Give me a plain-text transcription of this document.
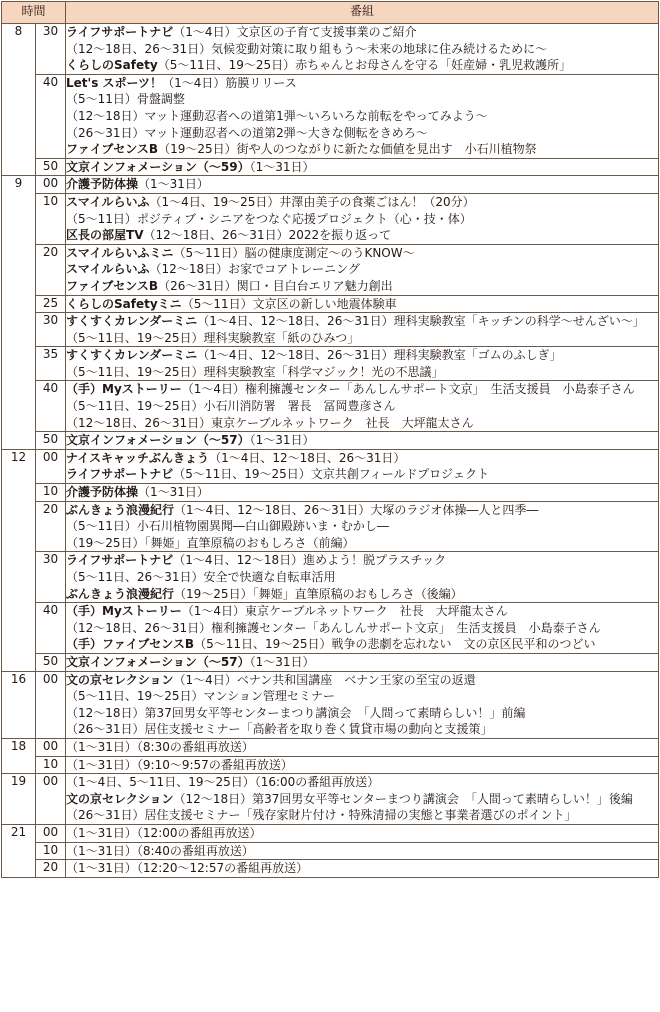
時間		番組
8	30	ライフサポートナビ（1～4日）文京区の子育て支援事業のご紹介
（12～18日、26～31日）気候変動対策に取り組もう～未来の地球に住み続けるために～
くらしのSafety（5～11日、19～25日）赤ちゃんとお母さんを守る「妊産婦・乳児救護所」

	40	Let's スポーツ！（1～4日）筋膜リリース
（5～11日）骨盤調整
（12～18日）マット運動忍者への道第1弾～いろいろな前転をやってみよう～
（26～31日）マット運動忍者への道第2弾～大きな側転をきめろ～
ファイブセンスB（19～25日）街や人のつながりに新たな価値を見出す　小石川植物祭

	50	文京インフォメーション（～59）（1～31日）

9	00	介護予防体操（1～31日）

	10	スマイルらいふ（1～4日、19～25日）井澤由美子の食薬ごはん！（20分）
（5～11日）ポジティブ・シニアをつなぐ応援プロジェクト（心・技・体）
区長の部屋TV（12～18日、26～31日）2022を振り返って

	20	スマイルらいふミニ（5～11日）脳の健康度測定～のうKNOW～
スマイルらいふ（12～18日）お家でコアトレーニング
ファイブセンスB（26～31日）関口・目白台エリア魅力創出

	25	くらしのSafetyミニ（5～11日）文京区の新しい地震体験車

	30	すくすくカレンダーミニ（1～4日、12～18日、26～31日）理科実験教室「キッチンの科学～せんざい～」
（5～11日、19～25日）理科実験教室「紙のひみつ」

	35	すくすくカレンダーミニ（1～4日、12～18日、26～31日）理科実験教室「ゴムのふしぎ」
（5～11日、19～25日）理科実験教室「科学マジック！光の不思議」

	40	（手）Myストーリー（1～4日）権利擁護センター「あんしんサポート文京」　生活支援員　小島泰子さん
（5～11日、19～25日）小石川消防署　署長　冨岡豊彦さん
（12～18日、26～31日）東京ケーブルネットワーク　社長　大坪龍太さん

	50	文京インフォメーション（～57）（1～31日）

12	00	ナイスキャッチぶんきょう（1～4日、12～18日、26～31日）
ライフサポートナビ（5～11日、19～25日）文京共創フィールドプロジェクト

	10	介護予防体操（1～31日）

	20	ぶんきょう浪漫紀行（1～4日、12～18日、26～31日）大塚のラジオ体操―人と四季―
（5～11日）小石川植物園異聞―白山御殿跡いま・むかし―
（19～25日）「舞姫」直筆原稿のおもしろさ（前編）

	30	ライフサポートナビ（1～4日、12～18日）進めよう！脱プラスチック
（5～11日、26～31日）安全で快適な自転車活用
ぶんきょう浪漫紀行（19～25日）「舞姫」直筆原稿のおもしろさ（後編）

	40	（手）Myストーリー（1～4日）東京ケーブルネットワーク　社長　大坪龍太さん
（12～18日、26～31日）権利擁護センター「あんしんサポート文京」　生活支援員　小島泰子さん
（手）ファイブセンスB（5～11日、19～25日）戦争の悲劇を忘れない　文の京区民平和のつどい

	50	文京インフォメーション（～57）（1～31日）

16	00	文の京セレクション（1～4日）ベナン共和国講座　ベナン王家の至宝の返還
（5～11日、19～25日）マンション管理セミナー
（12～18日）第37回男女平等センターまつり講演会　「人間って素晴らしい！」前編
（26～31日）居住支援セミナー「高齢者を取り巻く賃貸市場の動向と支援策」

18	00	（1～31日）（8:30の番組再放送）

	10	（1～31日）（9:10～9:57の番組再放送）

19	00	（1～4日、5～11日、19～25日）（16:00の番組再放送）
文の京セレクション（12～18日）第37回男女平等センターまつり講演会　「人間って素晴らしい！」後編
（26～31日）居住支援セミナー「残存家財片付け・特殊清掃の実態と事業者選びのポイント」

21	00	（1～31日）（12:00の番組再放送）

	10	（1～31日）（8:40の番組再放送）

	20	（1～31日）（12:20～12:57の番組再放送）
